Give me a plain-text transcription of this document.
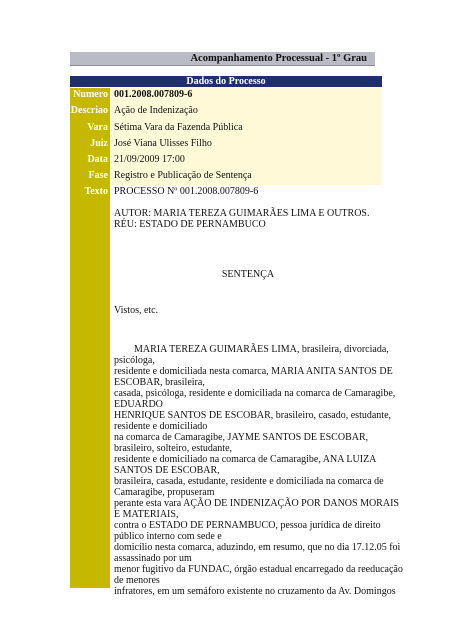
Acompanhamento Processual - 1º Grau
Dados do Processo
Numero 001.2008.007809-6
Descriao Ação de Indenização
Vara Sétima Vara da Fazenda Pública
Juiz José Viana Ulisses Filho
Data 21/09/2009 17:00
Fase Registro e Publicação de Sentença
Texto PROCESSO Nº 001.2008.007809-6
AUTOR: MARIA TEREZA GUIMARÃES LIMA E OUTROS.
RÉU: ESTADO DE PERNAMBUCO
SENTENÇA
Vistos, etc.
MARIA TEREZA GUIMARÃES LIMA, brasileira, divorciada,
psicóloga,
residente e domiciliada nesta comarca, MARIA ANITA SANTOS DE
ESCOBAR, brasileira,
casada, psicóloga, residente e domiciliada na comarca de Camaragibe,
EDUARDO
HENRIQUE SANTOS DE ESCOBAR, brasileiro, casado, estudante,
residente e domiciliado
na comarca de Camaragibe, JAYME SANTOS DE ESCOBAR,
brasileiro, solteiro, estudante,
residente e domiciliado na comarca de Camaragibe, ANA LUIZA
SANTOS DE ESCOBAR,
brasileira, casada, estudante, residente e domiciliada na comarca de
Camaragibe, propuseram
perante esta vara AÇÃO DE INDENIZAÇÃO POR DANOS MORAIS
E MATERIAIS,
contra o ESTADO DE PERNAMBUCO, pessoa jurídica de direito
público interno com sede e
domicílio nesta comarca, aduzindo, em resumo, que no dia 17.12.05 foi
assassinado por um
menor fugitivo da FUNDAC, órgão estadual encarregado da reeducação
de menores
infratores, em um semáforo existente no cruzamento da Av. Domingos
